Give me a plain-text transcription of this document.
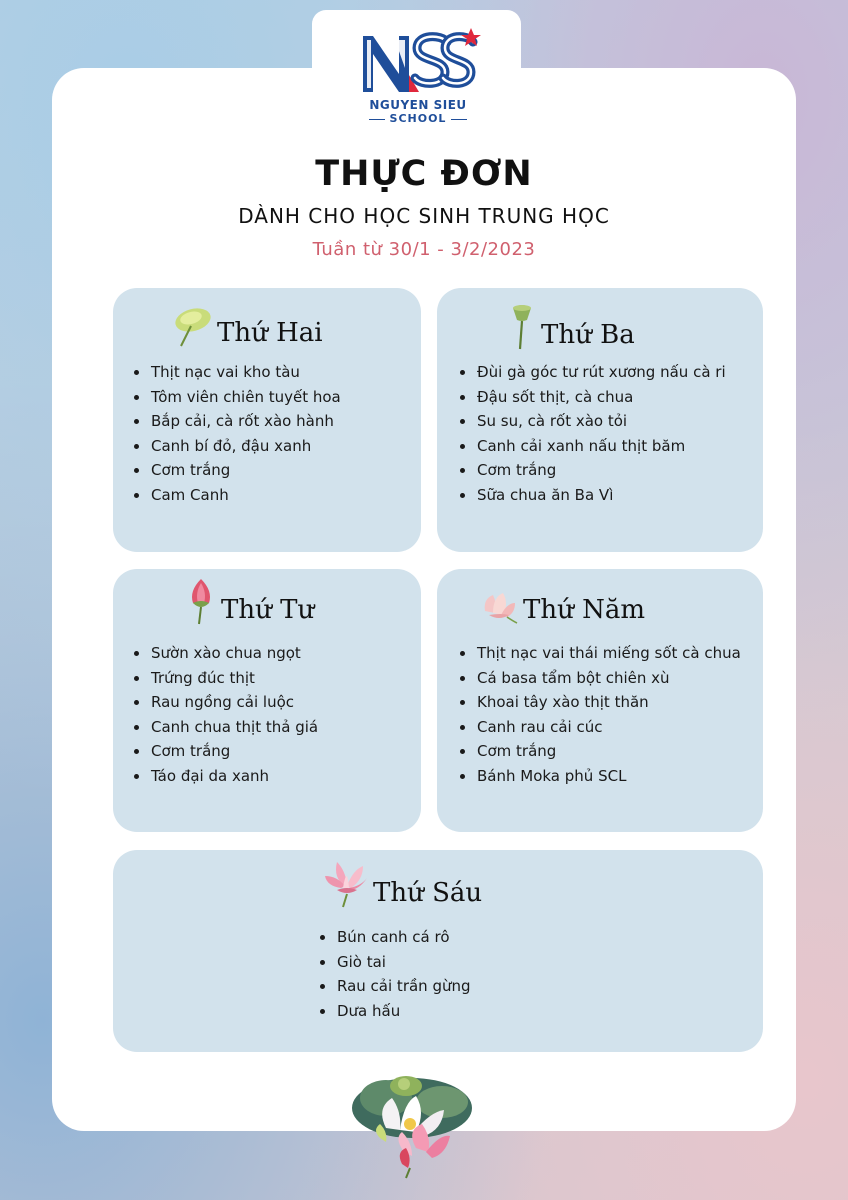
NGUYEN SIEU
SCHOOL
THỰC ĐƠN
DÀNH CHO HỌC SINH TRUNG HỌC
Tuần từ 30/1 - 3/2/2023
Thứ Hai
Thịt nạc vai kho tàu
Tôm viên chiên tuyết hoa
Bắp cải, cà rốt xào hành
Canh bí đỏ, đậu xanh
Cơm trắng
Cam Canh
Thứ Ba
Đùi gà góc tư rút xương nấu cà ri
Đậu sốt thịt, cà chua
Su su, cà rốt xào tỏi
Canh cải xanh nấu thịt băm
Cơm trắng
Sữa chua ăn Ba Vì
Thứ Tư
Sườn xào chua ngọt
Trứng đúc thịt
Rau ngồng cải luộc
Canh chua thịt thả giá
Cơm trắng
Táo đại da xanh
Thứ Năm
Thịt nạc vai thái miếng sốt cà chua
Cá basa tẩm bột chiên xù
Khoai tây xào thịt thăn
Canh rau cải cúc
Cơm trắng
Bánh Moka phủ SCL
Thứ Sáu
Bún canh cá rô
Giò tai
Rau cải trần gừng
Dưa hấu
